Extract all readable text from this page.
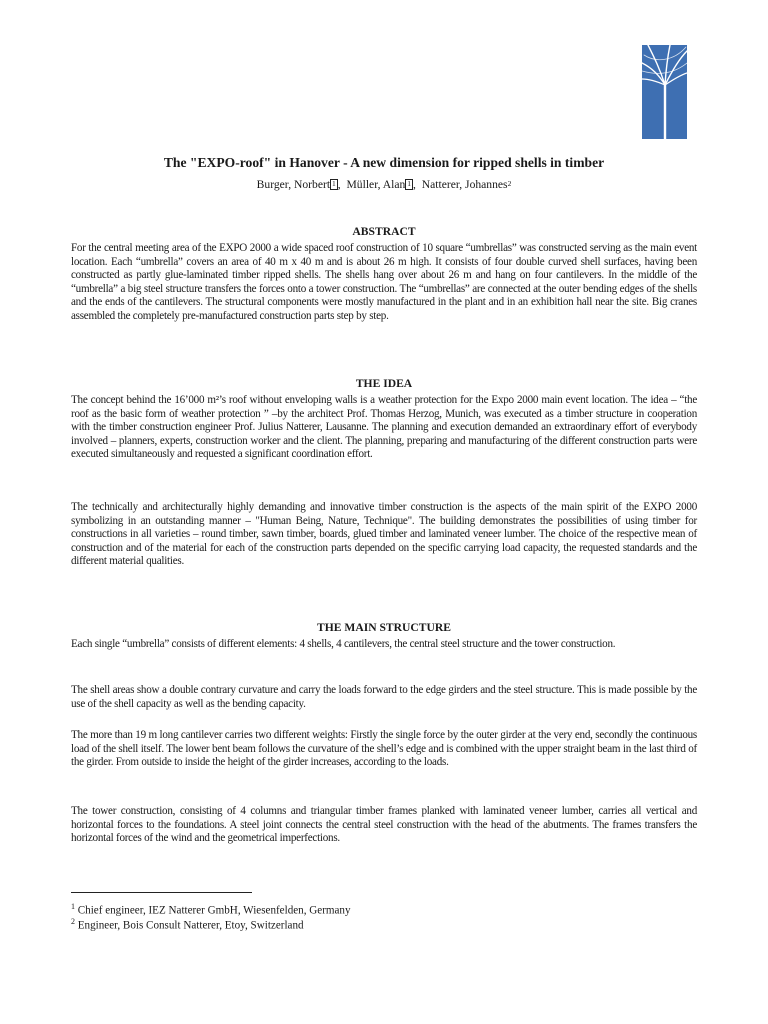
The "EXPO-roof" in Hanover - A new dimension for ripped shells in timber
Burger, Norbert $^1$ ,  Müller, Alan $^1$ ,  Natterer, Johannes$^2$
ABSTRACT

For the central meeting area of the EXPO 2000 a wide spaced roof construction of 10 square “umbrellas” was constructed serving as the main event location. Each “umbrella” covers an area of 40 m x 40 m and is about 26 m high. It consists of four double curved shell surfaces, having been constructed as partly glue-laminated timber ripped shells. The shells hang over about 26 m and hang on four cantilevers. In the middle of the “umbrella” a big steel structure transfers the forces onto a tower construction. The “umbrellas” are connected at the outer bending edges of the shells and the ends of the cantilevers. The structural components were mostly manufactured in the plant and in an exhibition hall near the site. Big cranes assembled the completely pre-manufactured construction parts step by step.

THE IDEA

The concept behind the 16’000 m²’s roof without enveloping walls is a weather protection for the Expo 2000 main event location. The idea – “the roof as the basic form of weather protection ” –by the architect Prof. Thomas Herzog, Munich, was executed as a timber structure in cooperation with the timber construction engineer Prof. Julius Natterer, Lausanne. The planning and execution demanded an extraordinary effort of everybody involved – planners, experts, construction worker and the client. The planning, preparing and manufacturing of the different construction parts were executed simultaneously and requested a significant coordination effort.

The technically and architecturally highly demanding and innovative timber construction is the aspects of the main spirit of the EXPO 2000 symbolizing in an outstanding manner – "Human Being, Nature, Technique". The building demonstrates the possibilities of using timber for constructions in all varieties – round timber, sawn timber, boards, glued timber and laminated veneer lumber. The choice of the respective mean of construction and of the material for each of the construction parts depended on the specific carrying load capacity, the requested standards and the different material qualities.

THE MAIN STRUCTURE

Each single “umbrella” consists of different elements: 4 shells, 4 cantilevers, the central steel structure and the tower construction.

The shell areas show a double contrary curvature and carry the loads forward to the edge girders and the steel structure. This is made possible by the use of the shell capacity as well as the bending capacity.

The more than 19 m long cantilever carries two different weights: Firstly the single force by the outer girder at the very end, secondly the continuous load of the shell itself. The lower bent beam follows the curvature of the shell’s edge and is combined with the upper straight beam in the last third of the girder. From outside to inside the height of the girder increases, according to the loads.

The tower construction, consisting of 4 columns and triangular timber frames planked with laminated veneer lumber, carries all vertical and horizontal forces to the foundations. A steel joint connects the central steel construction with the head of the abutments. The frames transfers the horizontal forces of the wind and the geometrical imperfections.

$^1$ Chief engineer, IEZ Natterer GmbH, Wiesenfelden, Germany
$^2$ Engineer, Bois Consult Natterer, Etoy, Switzerland
